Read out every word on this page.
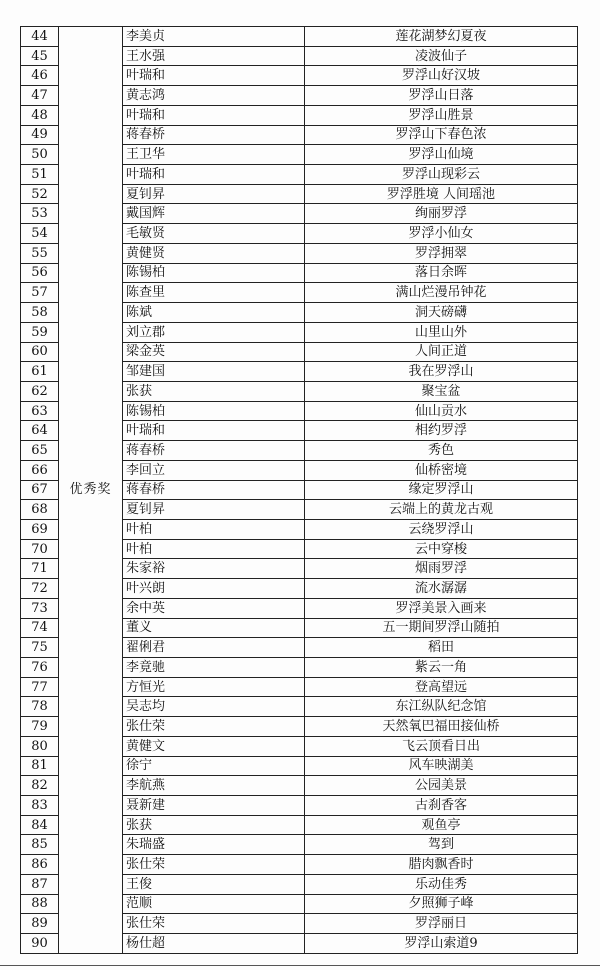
44	优秀奖	李美贞	莲花湖梦幻夏夜
45		王水强	凌波仙子
46		叶瑞和	罗浮山好汉坡
47		黄志鸿	罗浮山日落
48		叶瑞和	罗浮山胜景
49		蒋春桥	罗浮山下春色浓
50		王卫华	罗浮山仙境
51		叶瑞和	罗浮山现彩云
52		夏钊昇	罗浮胜境 人间瑶池
53		戴国辉	绚丽罗浮
54		毛敏贤	罗浮小仙女
55		黄健贤	罗浮拥翠
56		陈锡柏	落日余晖
57		陈查里	满山烂漫吊钟花
58		陈斌	洞天磅礴
59		刘立郡	山里山外
60		梁金英	人间正道
61		邹建国	我在罗浮山
62		张获	聚宝盆
63		陈锡柏	仙山贡水
64		叶瑞和	相约罗浮
65		蒋春桥	秀色
66		李回立	仙桥密境
67		蒋春桥	缘定罗浮山
68		夏钊昇	云端上的黄龙古观
69		叶柏	云绕罗浮山
70		叶柏	云中穿梭
71		朱家裕	烟雨罗浮
72		叶兴朗	流水潺潺
73		余中英	罗浮美景入画来
74		董义	五一期间罗浮山随拍
75		翟俐君	稻田
76		李竟驰	紫云一角
77		方恒光	登高望远
78		吴志均	东江纵队纪念馆
79		张仕荣	天然氧巴福田接仙桥
80		黄健文	飞云顶看日出
81		徐宁	风车映湖美
82		李航燕	公园美景
83		聂新建	古刹香客
84		张获	观鱼亭
85		朱瑞盛	驾到
86		张仕荣	腊肉飘香时
87		王俊	乐动佳秀
88		范顺	夕照狮子峰
89		张仕荣	罗浮丽日
90		杨仕超	罗浮山索道9
